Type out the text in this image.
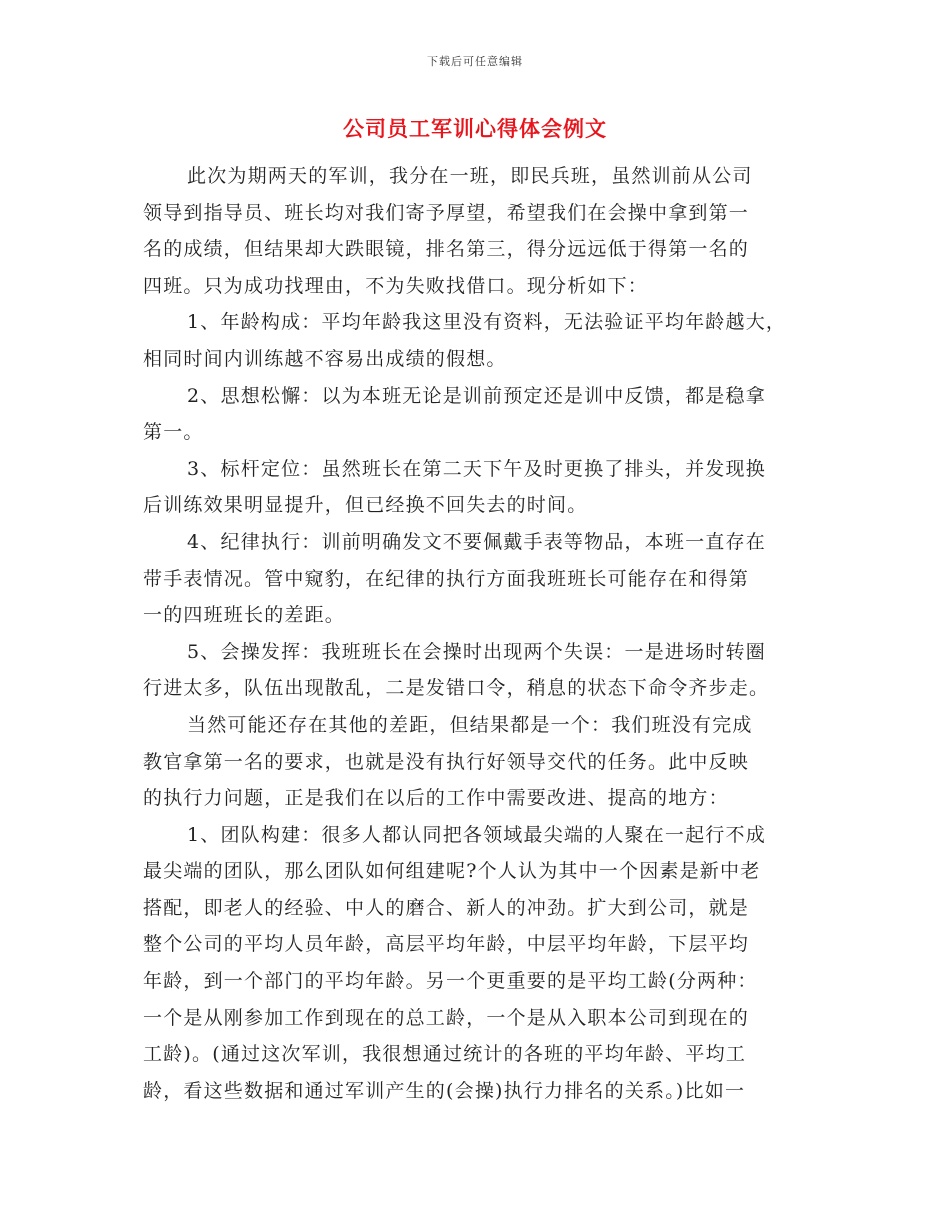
下载后可任意编辑
公司员工军训心得体会例文
此次为期两天的军训，我分在一班，即民兵班，虽然训前从公司
领导到指导员、班长均对我们寄予厚望，希望我们在会操中拿到第一
名的成绩，但结果却大跌眼镜，排名第三，得分远远低于得第一名的
四班。只为成功找理由，不为失败找借口。现分析如下：
1、年龄构成：平均年龄我这里没有资料，无法验证平均年龄越大，
相同时间内训练越不容易出成绩的假想。
2、思想松懈：以为本班无论是训前预定还是训中反馈，都是稳拿
第一。
3、标杆定位：虽然班长在第二天下午及时更换了排头，并发现换
后训练效果明显提升，但已经换不回失去的时间。
4、纪律执行：训前明确发文不要佩戴手表等物品，本班一直存在
带手表情况。管中窥豹，在纪律的执行方面我班班长可能存在和得第
一的四班班长的差距。
5、会操发挥：我班班长在会操时出现两个失误：一是进场时转圈
行进太多，队伍出现散乱，二是发错口令，稍息的状态下命令齐步走。
当然可能还存在其他的差距，但结果都是一个：我们班没有完成
教官拿第一名的要求，也就是没有执行好领导交代的任务。此中反映
的执行力问题，正是我们在以后的工作中需要改进、提高的地方：
1、团队构建：很多人都认同把各领域最尖端的人聚在一起行不成
最尖端的团队，那么团队如何组建呢?个人认为其中一个因素是新中老
搭配，即老人的经验、中人的磨合、新人的冲劲。扩大到公司，就是
整个公司的平均人员年龄，高层平均年龄，中层平均年龄，下层平均
年龄，到一个部门的平均年龄。另一个更重要的是平均工龄(分两种：
一个是从刚参加工作到现在的总工龄，一个是从入职本公司到现在的
工龄)。(通过这次军训，我很想通过统计的各班的平均年龄、平均工
龄，看这些数据和通过军训产生的(会操)执行力排名的关系。)比如一
